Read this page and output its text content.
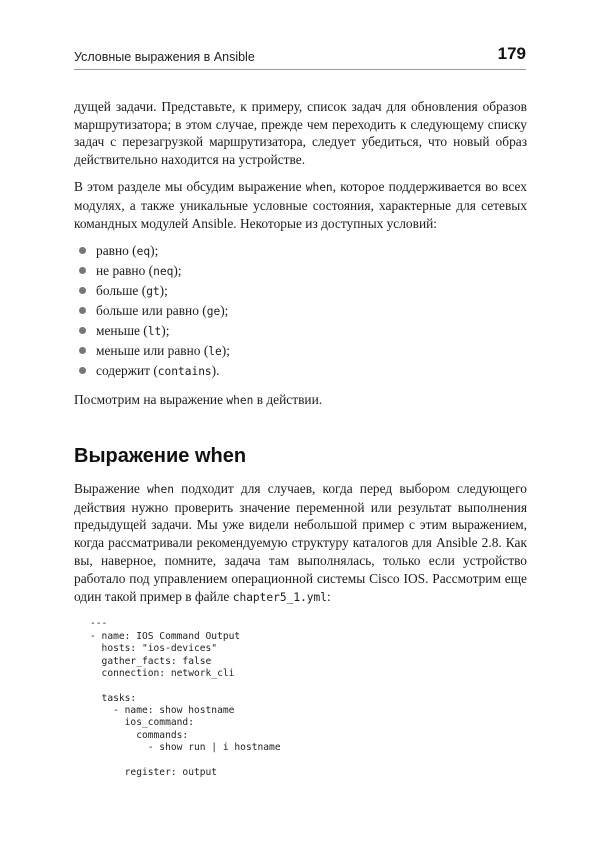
Условные выражения в Ansible	179

дущей задачи. Представьте, к примеру, список задач для обновления образов маршрутизатора; в этом случае, прежде чем переходить к следующему списку задач с перезагрузкой маршрутизатора, следует убедиться, что новый образ действительно находится на устройстве.

В этом разделе мы обсудим выражение when, которое поддерживается во всех модулях, а также уникальные условные состояния, характерные для сетевых командных модулей Ansible. Некоторые из доступных условий:

равно (eq);
не равно (neq);
больше (gt);
больше или равно (ge);
меньше (lt);
меньше или равно (le);
содержит (contains).

Посмотрим на выражение when в действии.

Выражение when

Выражение when подходит для случаев, когда перед выбором следующего действия нужно проверить значение переменной или результат выполнения предыдущей задачи. Мы уже видели небольшой пример с этим выражением, когда рассматривали рекомендуемую структуру каталогов для Ansible 2.8. Как вы, наверное, помните, задача там выполнялась, только если устройство работало под управлением операционной системы Cisco IOS. Рассмотрим еще один такой пример в файле chapter5_1.yml:

---
- name: IOS Command Output
hosts: "ios-devices"
gather_facts: false
connection: network_cli
tasks:
- name: show hostname
ios_command:
commands:
- show run | i hostname
register: output
